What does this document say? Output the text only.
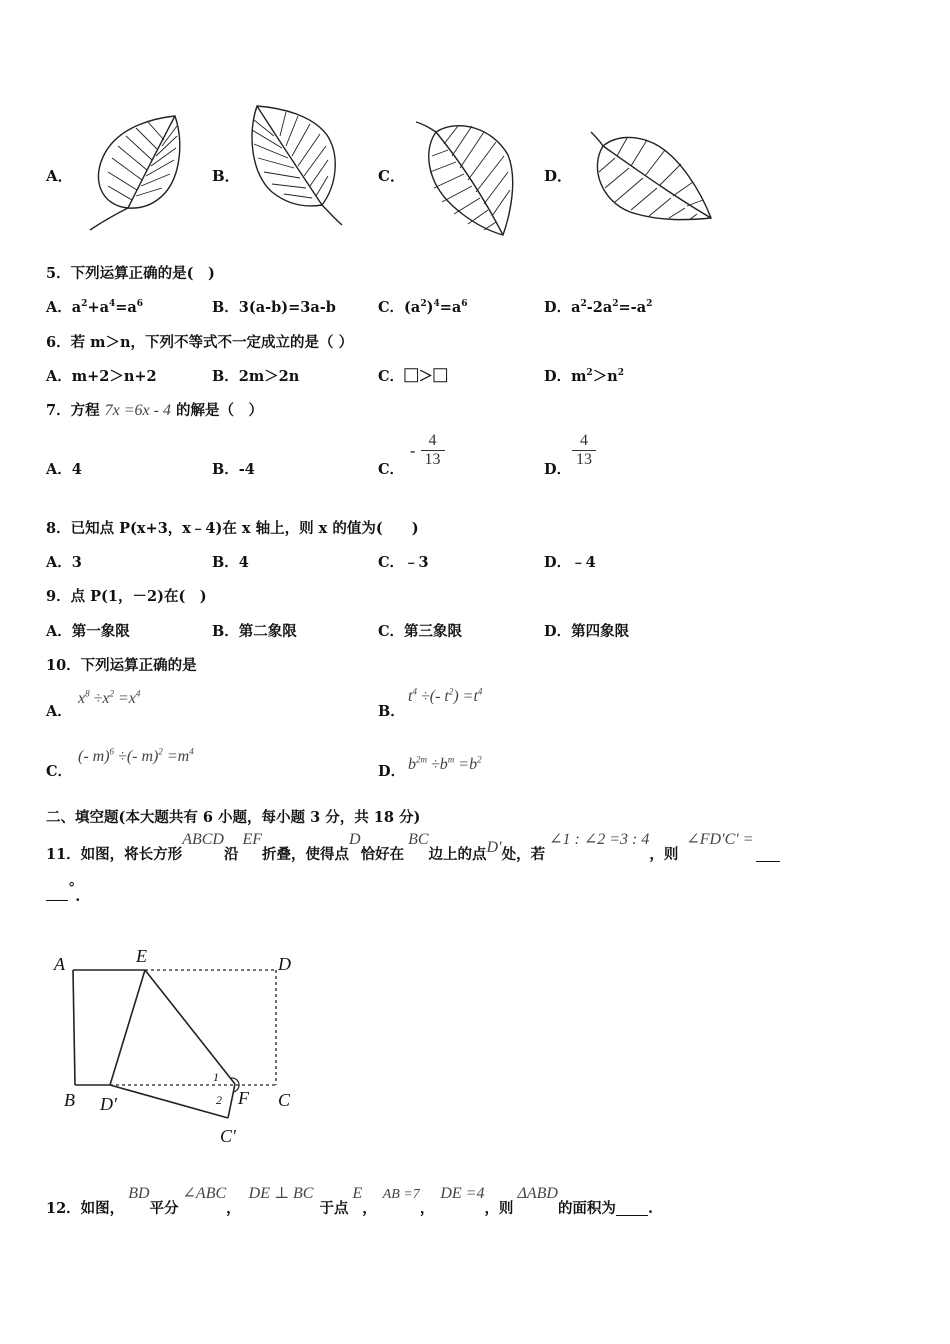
A．	B．	C．	D．
5．下列运算正确的是(　)
A．$a^2+a^4=a^6$	B．3(a-b)=3a-b	C．$(a^2)^4=a^6$	D．$a^2-2a^2=-a^2$
6．若 m＞n，下列不等式不一定成立的是（ ）
A．m+2＞n+2	B．2m＞2n	C．⃞＞⃞	D．$m^2>n^2$
7．方程 7x =6x - 4 的解是（　）
A．4	B．-4	C．
- $\frac{4}{13}$
D．
$\frac{4}{13}$
8．已知点 P(x+3，x﹣4)在 x 轴上，则 x 的值为(　　)
A．3	B．4	C．﹣3	D．﹣4
9．点 P(1，－2)在(　)
A．第一象限	B．第二象限	C．第三象限	D．第四象限
10．下列运算正确的是
A．
$x^8 \div x^2 =x^4$
B．
$t^4$ ÷(- $t^2) =t^4$
C．
(- m)$^6$ ÷(- $m)^2 =m^4$
D． $b^{2m} \div b^m =b^2$
二、填空题(本大题共有 6 小题，每小题 3 分，共 18 分)
11．如图，将长方形ABCD沿EF折叠，使得点D恰好在BC边上的点D′处，若∠1 : ∠2 =3 : 4，则∠FD′C′ =
°.
A	E	D
B D′	F C
C′
1
2
12．如图，BD平分∠ABC，DE ⊥ BC于点E，AB =7，DE =4，则ΔABD的面积为 .
